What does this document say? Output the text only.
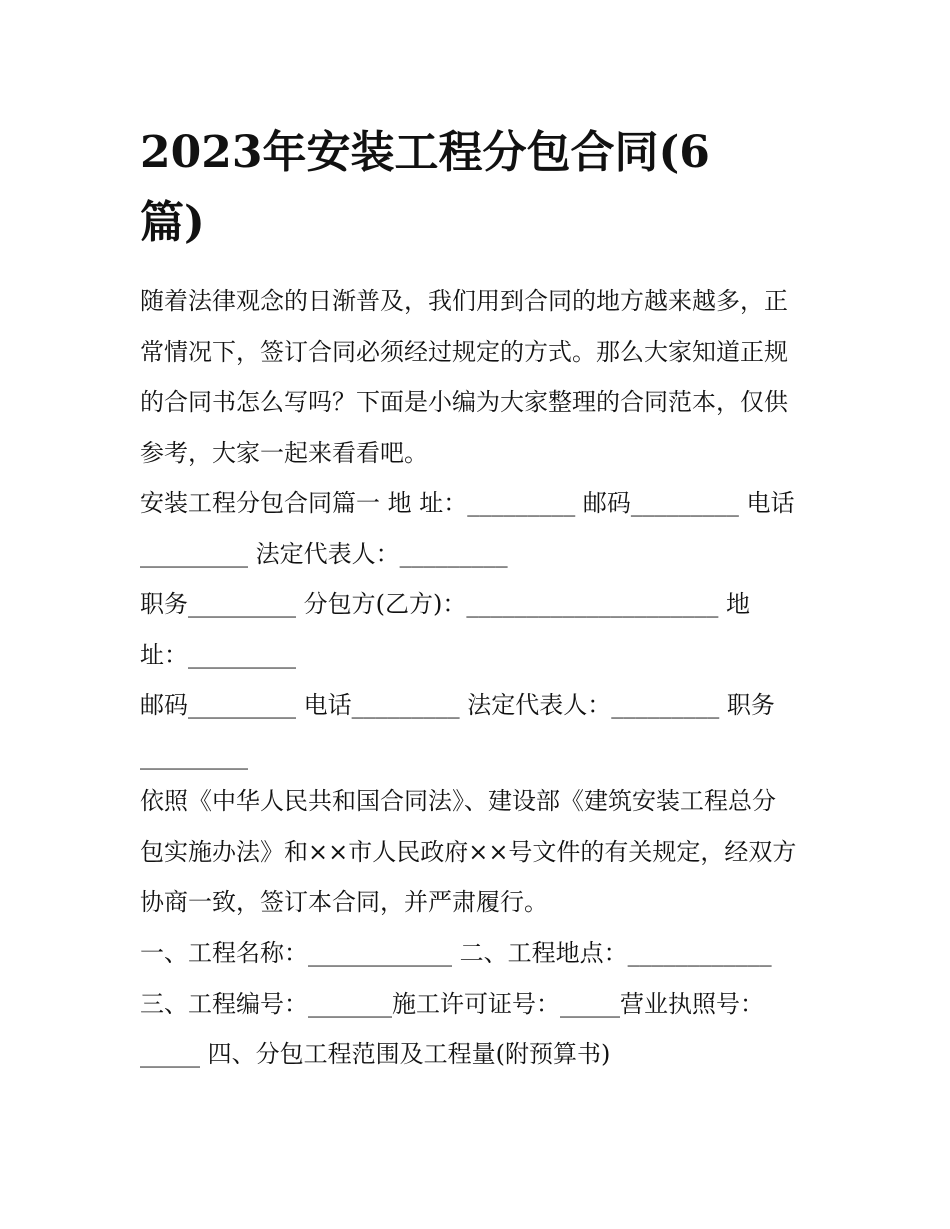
2023年安装工程分包合同(6
篇)
随着法律观念的日渐普及，我们用到合同的地方越来越多，正
常情况下，签订合同必须经过规定的方式。那么大家知道正规
的合同书怎么写吗？下面是小编为大家整理的合同范本，仅供
参考，大家一起来看看吧。
安装工程分包合同篇一 地 址：_________ 邮码_________ 电话
_________ 法定代表人：_________
职务_________ 分包方(乙方)：_____________________ 地
址：_________
邮码_________ 电话_________ 法定代表人：_________ 职务
_________
依照《中华人民共和国合同法》、建设部《建筑安装工程总分
包实施办法》和××市人民政府××号文件的有关规定，经双方
协商一致，签订本合同，并严肃履行。
一、工程名称：____________ 二、工程地点：____________
三、工程编号：_______施工许可证号：_____营业执照号：
_____ 四、分包工程范围及工程量(附预算书)
